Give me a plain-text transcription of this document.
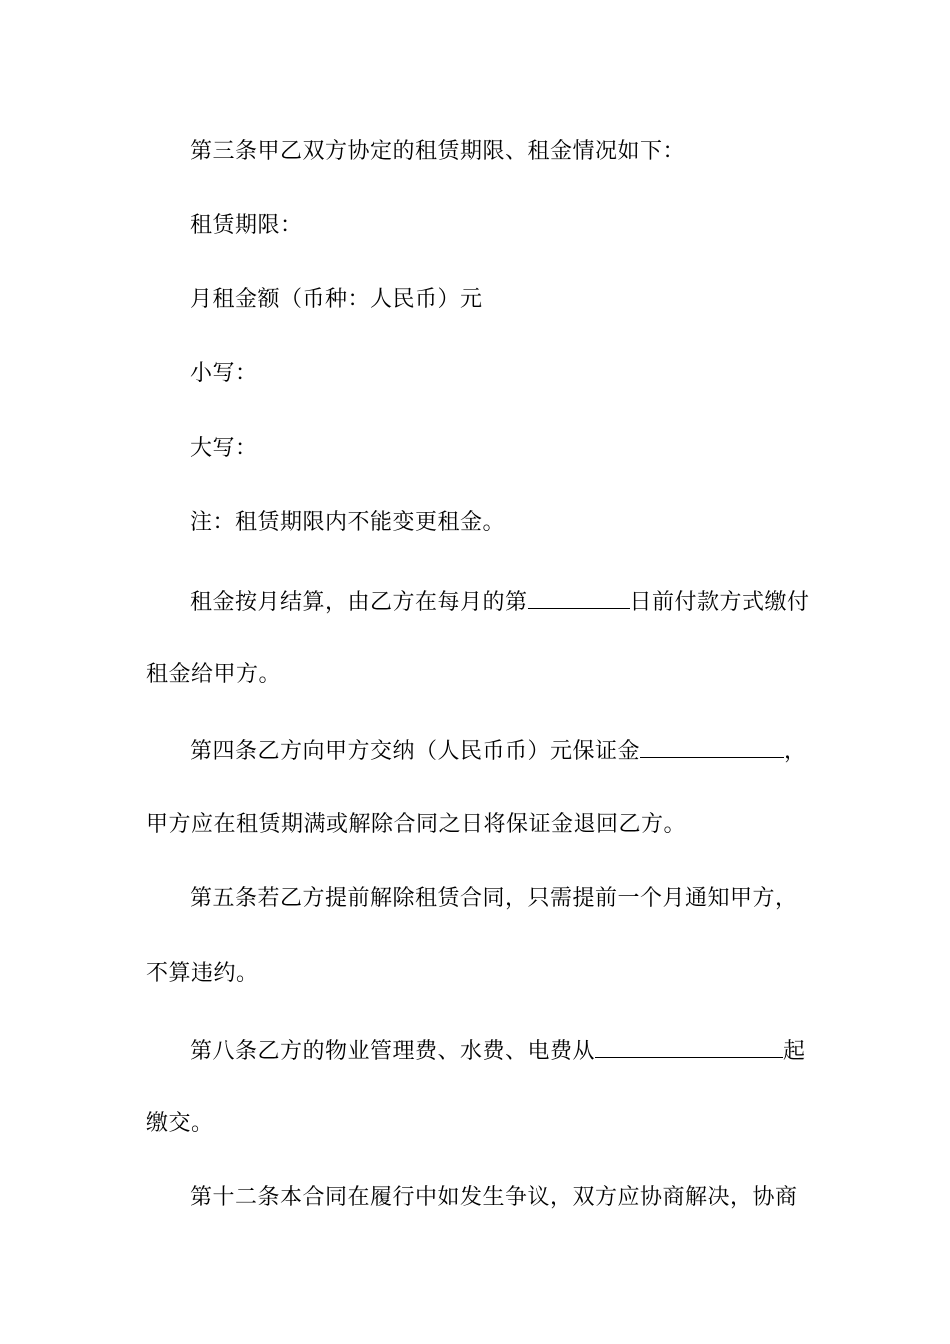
第三条甲乙双方协定的租赁期限、租金情况如下：
租赁期限：
月租金额（币种：人民币）元
小写：
大写：
注：租赁期限内不能变更租金。
租金按月结算，由乙方在每月的第	日前付款方式缴付
租金给甲方。
第四条乙方向甲方交纳（人民币币）元保证金	，
甲方应在租赁期满或解除合同之日将保证金退回乙方。
第五条若乙方提前解除租赁合同，只需提前一个月通知甲方，
不算违约。
第八条乙方的物业管理费、水费、电费从	起
缴交。
第十二条本合同在履行中如发生争议，双方应协商解决，协商
